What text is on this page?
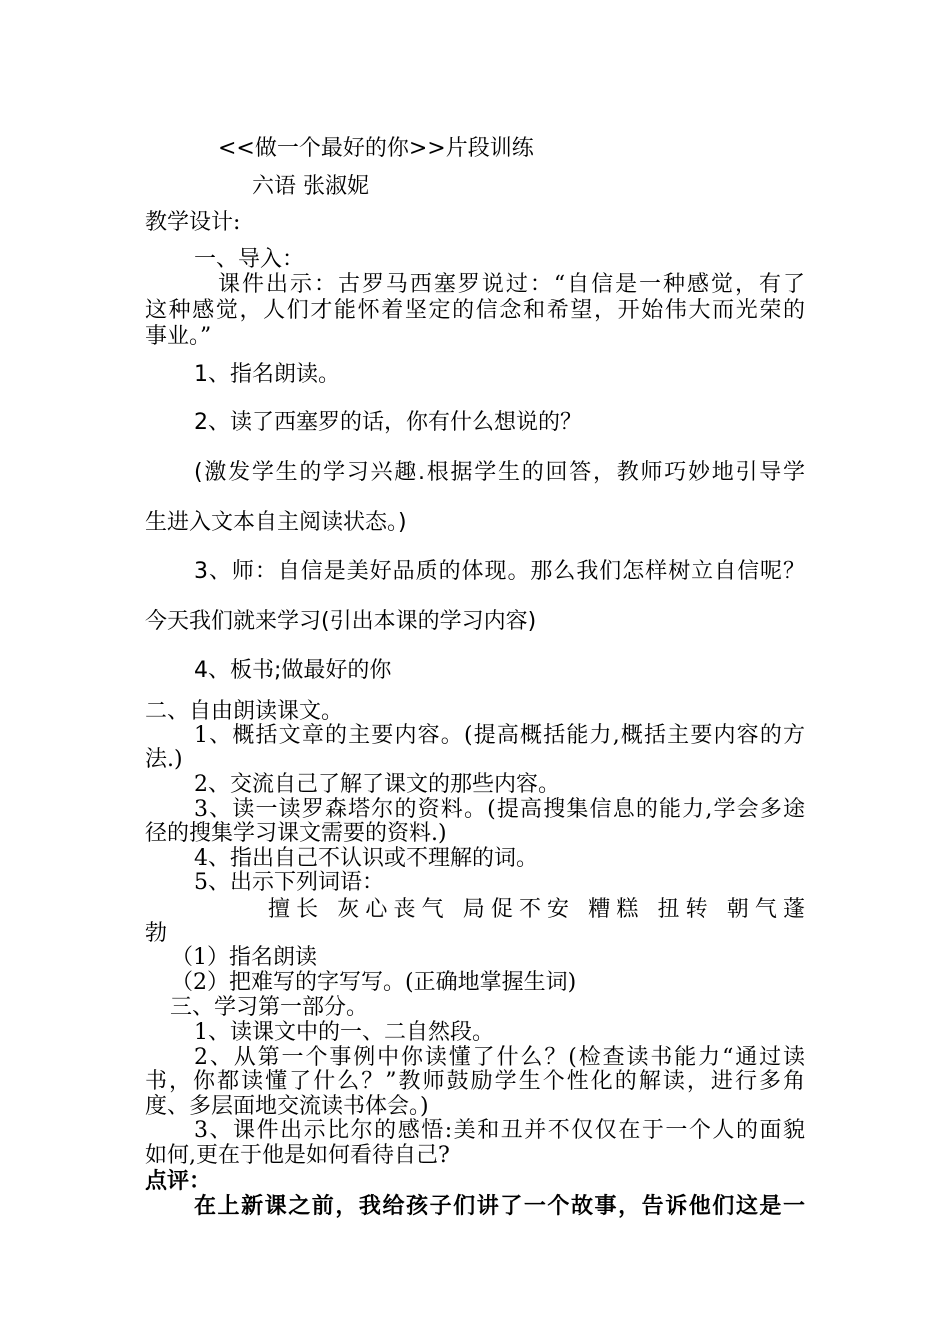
<<做一个最好的你>>片段训练
六语 张淑妮
教学设计:
一、导入：
课件出示：古罗马西塞罗说过：“自信是一种感觉，有了
这种感觉，人们才能怀着坚定的信念和希望，开始伟大而光荣的
事业。”
1、指名朗读。
2、读了西塞罗的话，你有什么想说的？
(激发学生的学习兴趣.根据学生的回答，教师巧妙地引导学
生进入文本自主阅读状态。)
3、师：自信是美好品质的体现。那么我们怎样树立自信呢？
今天我们就来学习(引出本课的学习内容)
4、板书;做最好的你
二、自由朗读课文。
1、概括文章的主要内容。(提高概括能力,概括主要内容的方
法.)
2、交流自己了解了课文的那些内容。
3、读一读罗森塔尔的资料。(提高搜集信息的能力,学会多途
径的搜集学习课文需要的资料.)
4、指出自己不认识或不理解的词。
5、出示下列词语：
擅长 灰心丧气 局促不安 糟糕 扭转 朝气蓬
勃
（1）指名朗读
（2）把难写的字写写。(正确地掌握生词)
三、学习第一部分。
1、读课文中的一、二自然段。
2、从第一个事例中你读懂了什么？(检查读书能力“通过读
书，你都读懂了什么？”教师鼓励学生个性化的解读，进行多角
度、多层面地交流读书体会。)
3、课件出示比尔的感悟:美和丑并不仅仅在于一个人的面貌
如何,更在于他是如何看待自己?
点评：
在上新课之前，我给孩子们讲了一个故事，告诉他们这是一
